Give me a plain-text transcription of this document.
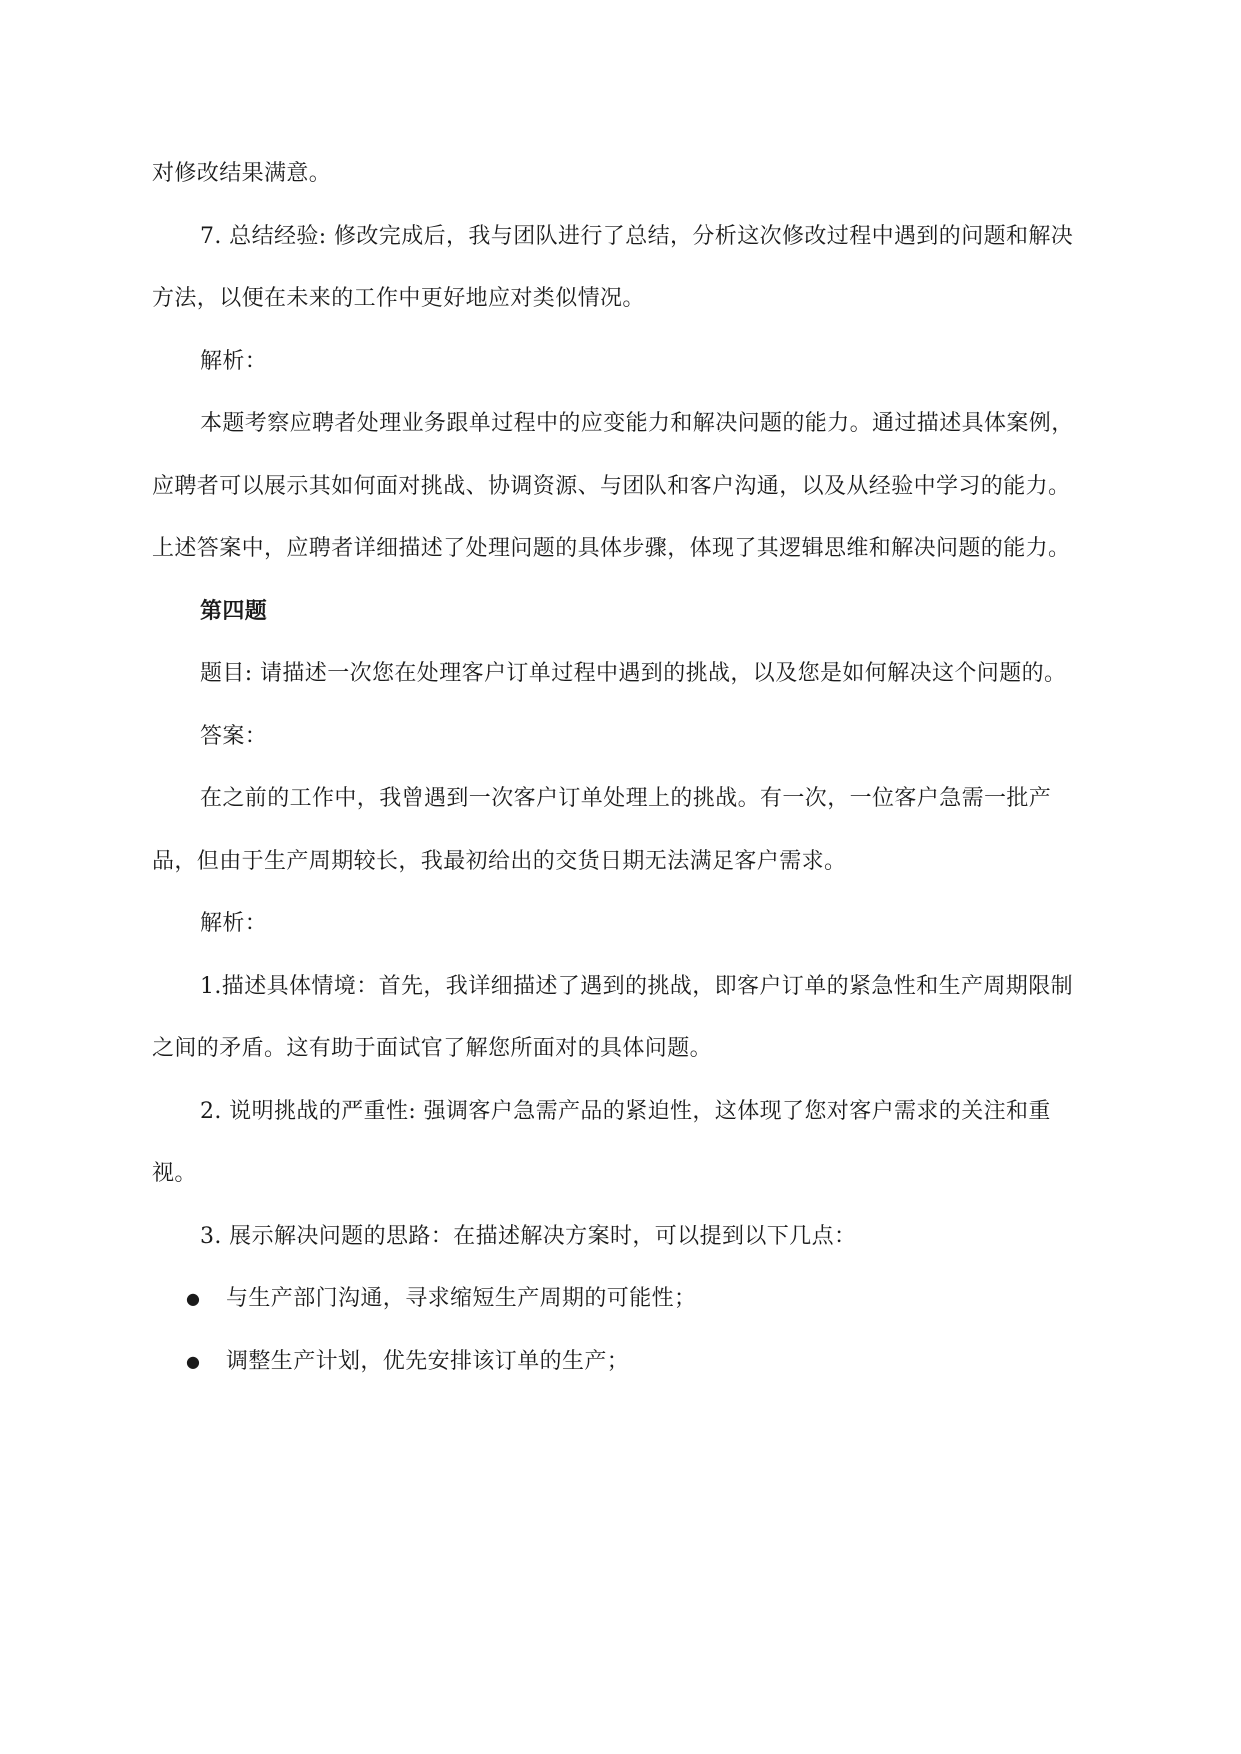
对修改结果满意。

7. 总结经验: 修改完成后，我与团队进行了总结，分析这次修改过程中遇到的问题和解决方法，以便在未来的工作中更好地应对类似情况。

解析：

本题考察应聘者处理业务跟单过程中的应变能力和解决问题的能力。通过描述具体案例，应聘者可以展示其如何面对挑战、协调资源、与团队和客户沟通，以及从经验中学习的能力。上述答案中，应聘者详细描述了处理问题的具体步骤，体现了其逻辑思维和解决问题的能力。

第四题

题目: 请描述一次您在处理客户订单过程中遇到的挑战，以及您是如何解决这个问题的。

答案：

在之前的工作中，我曾遇到一次客户订单处理上的挑战。有一次，一位客户急需一批产品，但由于生产周期较长，我最初给出的交货日期无法满足客户需求。

解析：

1.描述具体情境：首先，我详细描述了遇到的挑战，即客户订单的紧急性和生产周期限制之间的矛盾。这有助于面试官了解您所面对的具体问题。

2. 说明挑战的严重性: 强调客户急需产品的紧迫性，这体现了您对客户需求的关注和重视。

3. 展示解决问题的思路：在描述解决方案时，可以提到以下几点：

● 与生产部门沟通，寻求缩短生产周期的可能性；
● 调整生产计划，优先安排该订单的生产；
